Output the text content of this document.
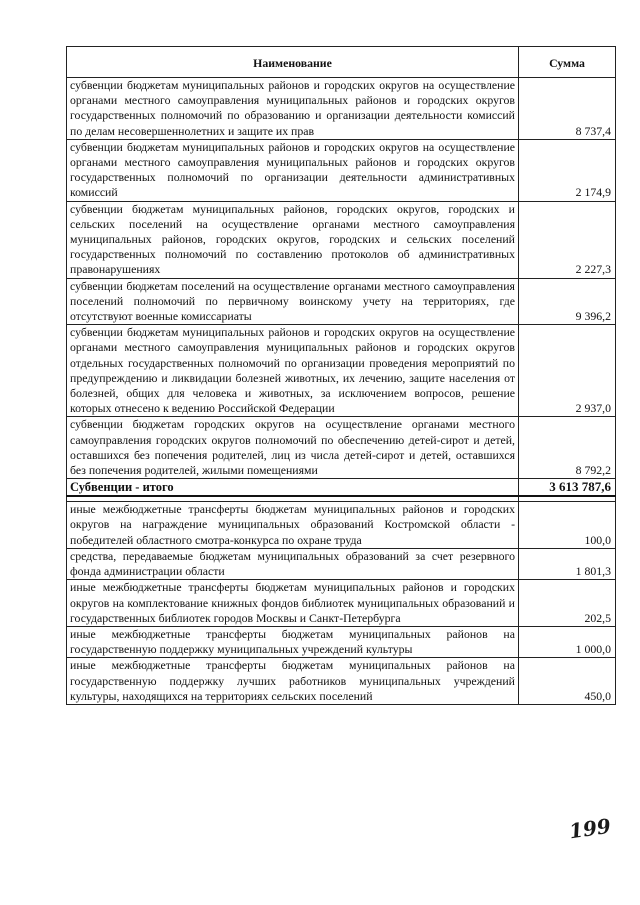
Наименование	Сумма
субвенции бюджетам муниципальных районов и городских округов на осуществление органами местного самоуправления муниципальных районов и городских округов государственных полномочий по образованию и организации деятельности комиссий по делам несовершеннолетних и защите их прав	8 737,4
субвенции бюджетам муниципальных районов и городских округов на осуществление органами местного самоуправления муниципальных районов и городских округов государственных полномочий по организации деятельности административных комиссий	2 174,9
субвенции бюджетам муниципальных районов, городских округов, городских и сельских поселений на осуществление органами местного самоуправления муниципальных районов, городских округов, городских и сельских поселений государственных полномочий по составлению протоколов об административных правонарушениях	2 227,3
субвенции бюджетам поселений на осуществление органами местного самоуправления поселений полномочий по первичному воинскому учету на территориях, где отсутствуют военные комиссариаты	9 396,2
субвенции бюджетам муниципальных районов и городских округов на осуществление органами местного самоуправления муниципальных районов и городских округов отдельных государственных полномочий по организации проведения мероприятий по предупреждению и ликвидации болезней животных, их лечению, защите населения от болезней, общих для человека и животных, за исключением вопросов, решение которых отнесено к ведению Российской Федерации	2 937,0
субвенции бюджетам городских округов на осуществление органами местного самоуправления городских округов полномочий по обеспечению детей-сирот и детей, оставшихся без попечения родителей, лиц из числа детей-сирот и детей, оставшихся без попечения родителей, жилыми помещениями	8 792,2
Субвенции - итого	3 613 787,6

иные межбюджетные трансферты бюджетам муниципальных районов и городских округов на награждение муниципальных образований Костромской области - победителей областного смотра-конкурса по охране труда	100,0
средства, передаваемые бюджетам муниципальных образований за счет резервного фонда администрации области	1 801,3
иные межбюджетные трансферты бюджетам муниципальных районов и городских округов на комплектование книжных фондов библиотек муниципальных образований и государственных библиотек городов Москвы и Санкт-Петербурга	202,5
иные межбюджетные трансферты бюджетам муниципальных районов на государственную поддержку муниципальных учреждений культуры	1 000,0
иные межбюджетные трансферты бюджетам муниципальных районов на государственную поддержку лучших работников муниципальных учреждений культуры, находящихся на территориях сельских поселений	450,0
199
